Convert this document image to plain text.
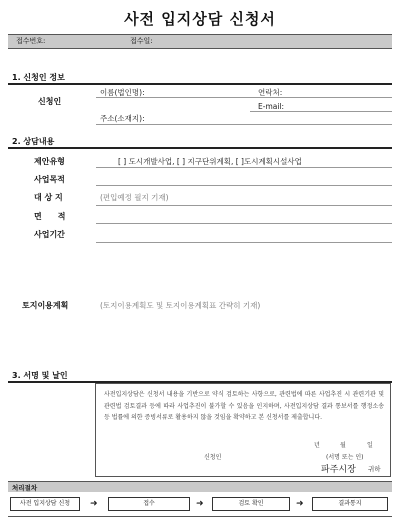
사전 입지상담 신청서
접수번호:	접수일:
1. 신청인 정보
신청인
이름(법인명):	연락처:
E-mail:
주소(소재지):
2. 상담내용
제안유형	[ ] 도시개발사업, [ ] 지구단위계획, [ ]도시계획시설사업
사업목적
대 상 지	(편입예정 필지 기재)
면　　적
사업기간
토지이용계획	(토지이용계획도 및 토지이용계획표 간략히 기재)
3. 서명 및 날인
사전입지상담은 신청서 내용을 기반으로 약식 검토하는 사항으로, 관련법에 따른 사업추진 시 관련기관 및 관련법 검토결과 등에 따라 사업추진이 불가할 수 있음을 인지하며, 사전입지상담 결과 통보서를 행정소송 등 법률에 의한 증빙서류로 활용하지 않을 것임을 확약하고 본 신청서를 제출합니다.
년	월	일
신청인	(서명 또는 인)
파주시장 귀하
처리절차
사전 입지상담 신청	➜	접수	➜	검토 확인	➜	결과통지
